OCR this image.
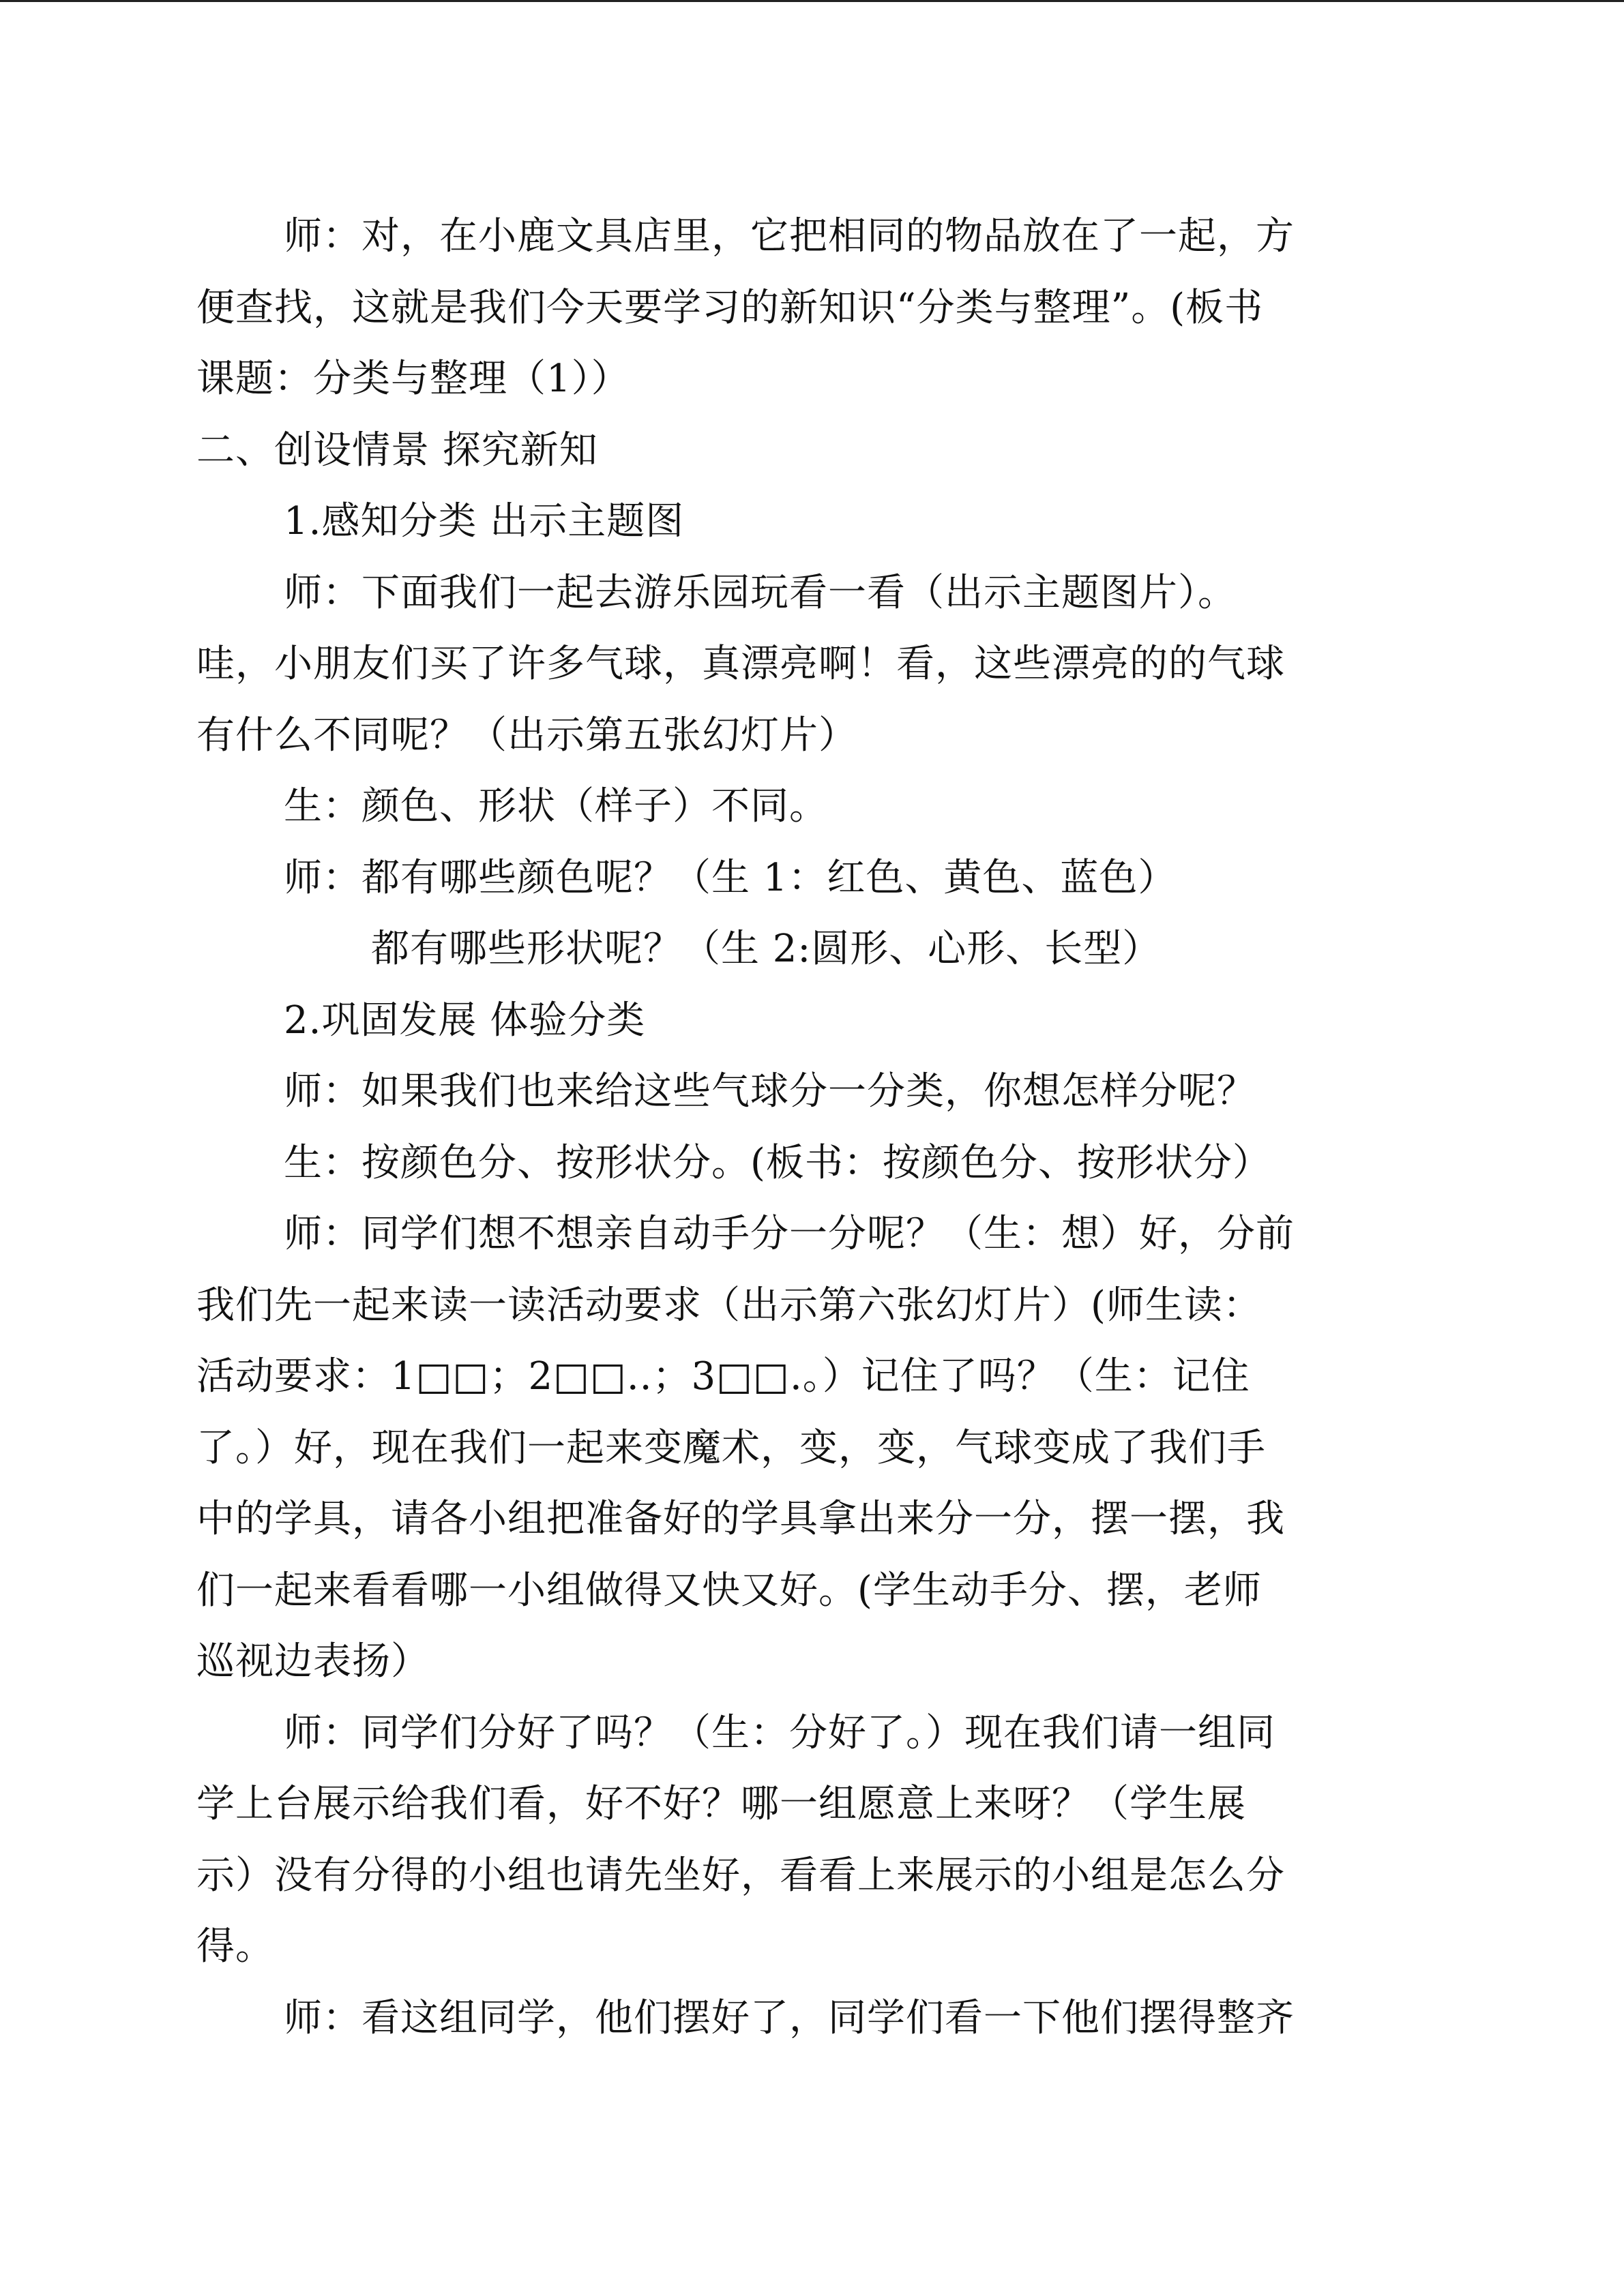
师：对，在小鹿文具店里，它把相同的物品放在了一起，方
便查找，这就是我们今天要学习的新知识“分类与整理”。(板书
课题：分类与整理（1））
二、创设情景 探究新知
1.感知分类 出示主题图
师：下面我们一起去游乐园玩看一看（出示主题图片）。
哇，小朋友们买了许多气球，真漂亮啊！看，这些漂亮的的气球
有什么不同呢？（出示第五张幻灯片）
生：颜色、形状（样子）不同。
师：都有哪些颜色呢？（生 1：红色、黄色、蓝色）
都有哪些形状呢？（生 2:圆形、心形、长型）
2.巩固发展 体验分类
师：如果我们也来给这些气球分一分类，你想怎样分呢？
生：按颜色分、按形状分。(板书：按颜色分、按形状分）
师：同学们想不想亲自动手分一分呢？（生：想）好，分前
我们先一起来读一读活动要求（出示第六张幻灯片）(师生读：
活动要求：1□□；2□□..；3□□.。）记住了吗？（生：记住
了。）好，现在我们一起来变魔术，变，变，气球变成了我们手
中的学具，请各小组把准备好的学具拿出来分一分，摆一摆，我
们一起来看看哪一小组做得又快又好。(学生动手分、摆，老师
巡视边表扬）
师：同学们分好了吗？（生：分好了。）现在我们请一组同
学上台展示给我们看，好不好？哪一组愿意上来呀？（学生展
示）没有分得的小组也请先坐好，看看上来展示的小组是怎么分
得。
师：看这组同学，他们摆好了，同学们看一下他们摆得整齐
